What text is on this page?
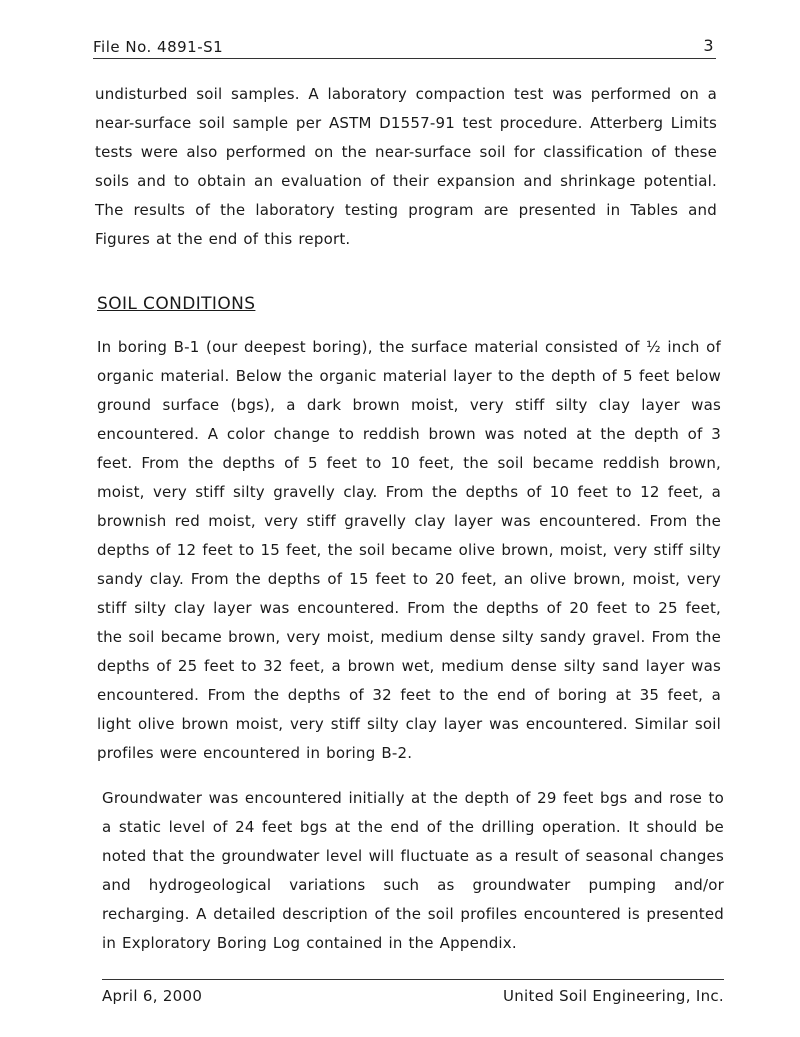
File No. 4891-S1	3
undisturbed soil samples. A laboratory compaction test was performed on a near-surface soil sample per ASTM D1557-91 test procedure. Atterberg Limits tests were also performed on the near-surface soil for classification of these soils and to obtain an evaluation of their expansion and shrinkage potential. The results of the laboratory testing program are presented in Tables and Figures at the end of this report.
SOIL CONDITIONS
In boring B-1 (our deepest boring), the surface material consisted of ½ inch of organic material. Below the organic material layer to the depth of 5 feet below ground surface (bgs), a dark brown moist, very stiff silty clay layer was encountered. A color change to reddish brown was noted at the depth of 3 feet. From the depths of 5 feet to 10 feet, the soil became reddish brown, moist, very stiff silty gravelly clay. From the depths of 10 feet to 12 feet, a brownish red moist, very stiff gravelly clay layer was encountered. From the depths of 12 feet to 15 feet, the soil became olive brown, moist, very stiff silty sandy clay. From the depths of 15 feet to 20 feet, an olive brown, moist, very stiff silty clay layer was encountered. From the depths of 20 feet to 25 feet, the soil became brown, very moist, medium dense silty sandy gravel. From the depths of 25 feet to 32 feet, a brown wet, medium dense silty sand layer was encountered. From the depths of 32 feet to the end of boring at 35 feet, a light olive brown moist, very stiff silty clay layer was encountered. Similar soil profiles were encountered in boring B-2.
Groundwater was encountered initially at the depth of 29 feet bgs and rose to a static level of 24 feet bgs at the end of the drilling operation. It should be noted that the groundwater level will fluctuate as a result of seasonal changes and hydrogeological variations such as groundwater pumping and/or recharging. A detailed description of the soil profiles encountered is presented in Exploratory Boring Log contained in the Appendix.
April 6, 2000	United Soil Engineering, Inc.
